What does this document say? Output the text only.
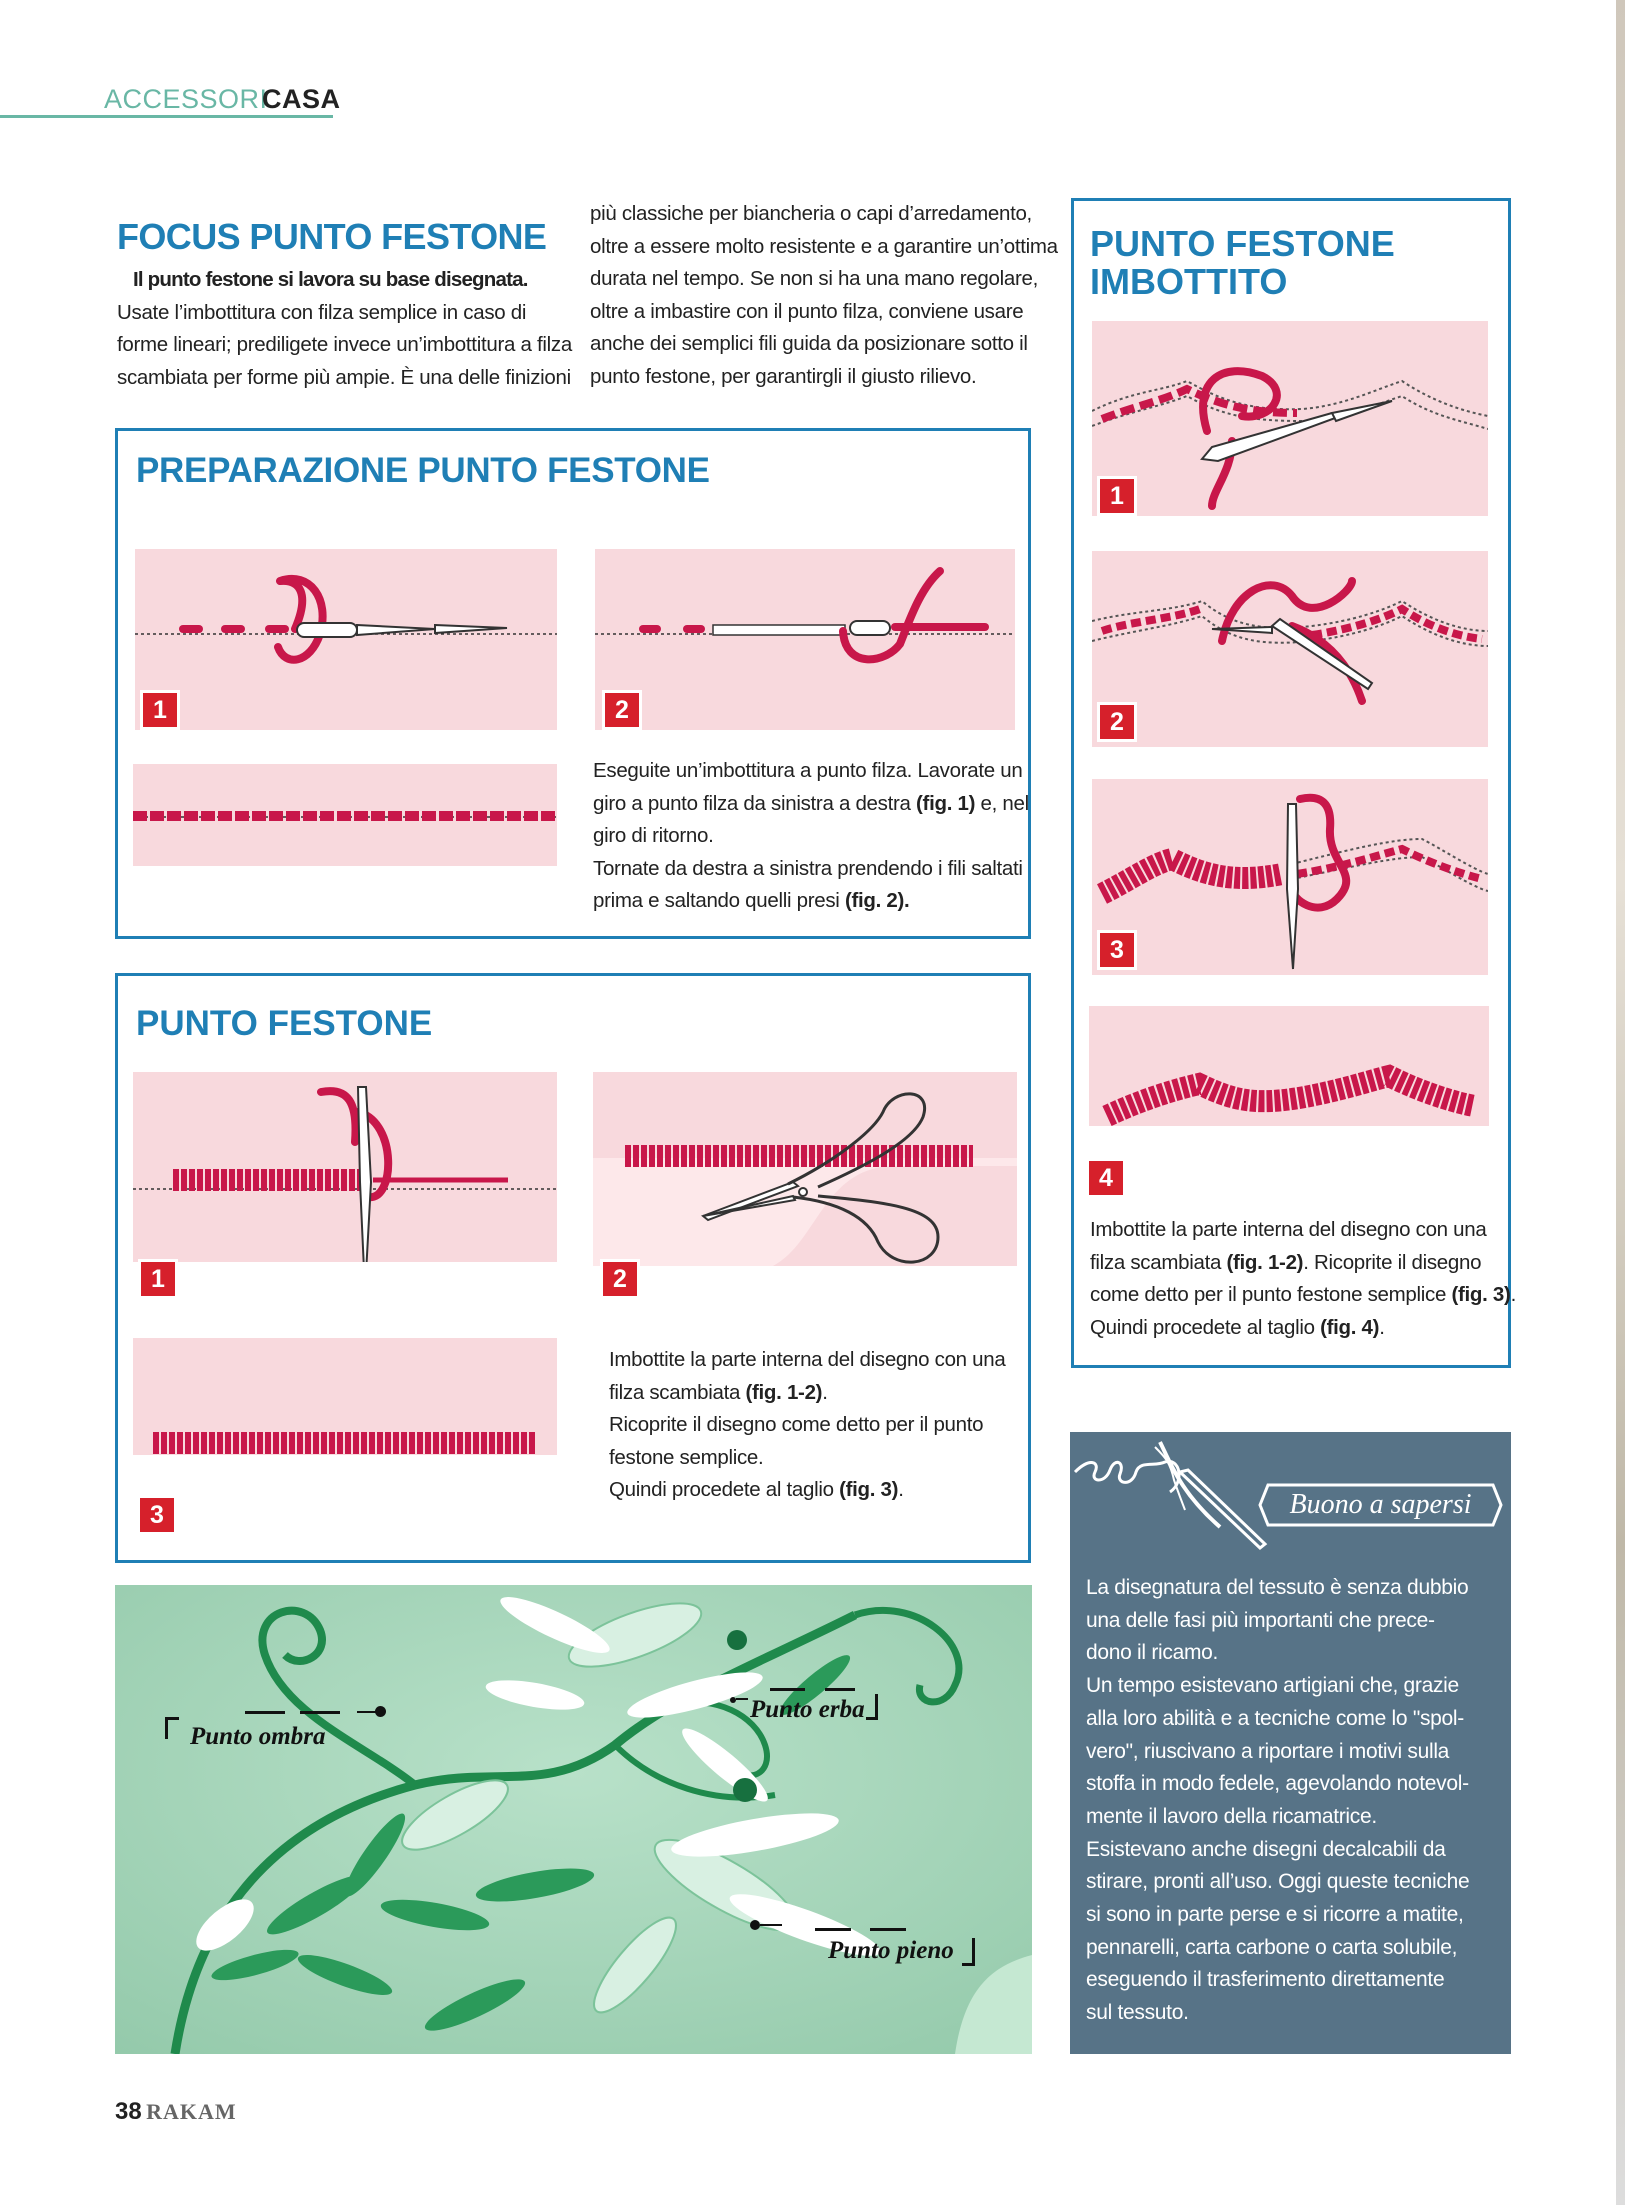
ACCESSORI
CASA
FOCUS PUNTO FESTONE
Il punto festone si lavora su base disegnata.
Usate l’imbottitura con filza semplice in caso di
forme lineari; prediligete invece un’imbottitura a filza
scambiata per forme più ampie. È una delle finizioni
più classiche per biancheria o capi d’arredamento,
oltre a essere molto resistente e a garantire un’ottima
durata nel tempo. Se non si ha una mano regolare,
oltre a imbastire con il punto filza, conviene usare
anche dei semplici fili guida da posizionare sotto il
punto festone, per garantirgli il giusto rilievo.
PREPARAZIONE PUNTO FESTONE
1	2
Eseguite un’imbottitura a punto filza. Lavorate un
giro a punto filza da sinistra a destra (fig. 1) e, nel
giro di ritorno.
Tornate da destra a sinistra prendendo i fili saltati
prima e saltando quelli presi (fig. 2).
PUNTO FESTONE
1	2
3
Imbottite la parte interna del disegno con una
filza scambiata (fig. 1-2).
Ricoprite il disegno come detto per il punto
festone semplice.
Quindi procedete al taglio (fig. 3).
PUNTO FESTONE
IMBOTTITO
1
2
3
4
Imbottite la parte interna del disegno con una
filza scambiata (fig. 1-2). Ricoprite il disegno
come detto per il punto festone semplice (fig. 3).
Quindi procedete al taglio (fig. 4).
Punto ombra
Punto erba
Punto pieno
Buono a sapersi
La disegnatura del tessuto è senza dubbio
una delle fasi più importanti che prece-
dono il ricamo.
Un tempo esistevano artigiani che, grazie
alla loro abilità e a tecniche come lo "spol-
vero", riuscivano a riportare i motivi sulla
stoffa in modo fedele, agevolando notevol-
mente il lavoro della ricamatrice.
Esistevano anche disegni decalcabili da
stirare, pronti all’uso. Oggi queste tecniche
si sono in parte perse e si ricorre a matite,
pennarelli, carta carbone o carta solubile,
eseguendo il trasferimento direttamente
sul tessuto.
38 RAKAM
